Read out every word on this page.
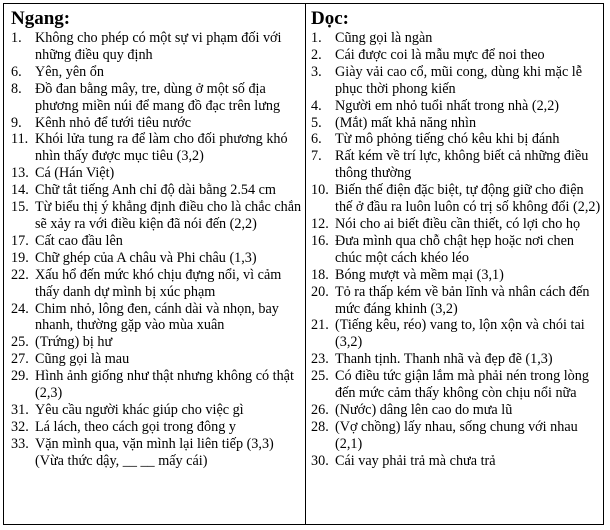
Ngang:
1. Không cho phép có một sự vi phạm đối với những điều quy định
6. Yên, yên ổn
8. Đồ đan bằng mây, tre, dùng ở một số địa phương miền núi để mang đồ đạc trên lưng
9. Kênh nhỏ để tưới tiêu nước
11. Khói lửa tung ra để làm cho đối phương khó nhìn thấy được mục tiêu (3,2)
13. Cá (Hán Việt)
14. Chữ tắt tiếng Anh chỉ độ dài bằng 2.54 cm
15. Từ biểu thị ý khẳng định điều cho là chắc chắn sẽ xảy ra với điều kiện đã nói đến (2,2)
17. Cất cao đầu lên
19. Chữ ghép của A châu và Phi châu (1,3)
22. Xấu hổ đến mức khó chịu đựng nổi, vì cảm thấy danh dự mình bị xúc phạm
24. Chim nhỏ, lông đen, cánh dài và nhọn, bay nhanh, thường gặp vào mùa xuân
25. (Trứng) bị hư
27. Cũng gọi là mau
29. Hình ảnh giống như thật nhưng không có thật (2,3)
31. Yêu cầu người khác giúp cho việc gì
32. Lá lách, theo cách gọi trong đông y
33. Vặn mình qua, vặn mình lại liên tiếp (3,3) (Vừa thức dậy, __ __ mấy cái)
Dọc:
1. Cũng gọi là ngàn
2. Cái được coi là mẫu mực để noi theo
3. Giày vải cao cổ, mũi cong, dùng khi mặc lễ phục thời phong kiến
4. Người em nhỏ tuổi nhất trong nhà (2,2)
5. (Mắt) mất khả năng nhìn
6. Từ mô phỏng tiếng chó kêu khi bị đánh
7. Rất kém về trí lực, không biết cả những điều thông thường
10. Biến thế điện đặc biệt, tự động giữ cho điện thế ở đầu ra luôn luôn có trị số không đổi (2,2)
12. Nói cho ai biết điều cần thiết, có lợi cho họ
16. Đưa mình qua chỗ chật hẹp hoặc nơi chen chúc một cách khéo léo
18. Bóng mượt và mềm mại (3,1)
20. Tỏ ra thấp kém về bản lĩnh và nhân cách đến mức đáng khinh (3,2)
21. (Tiếng kêu, réo) vang to, lộn xộn và chói tai (3,2)
23. Thanh tịnh. Thanh nhã và đẹp đẽ (1,3)
25. Có điều tức giận lắm mà phải nén trong lòng đến mức cảm thấy không còn chịu nổi nữa
26. (Nước) dâng lên cao do mưa lũ
28. (Vợ chồng) lấy nhau, sống chung với nhau (2,1)
30. Cái vay phải trả mà chưa trả
